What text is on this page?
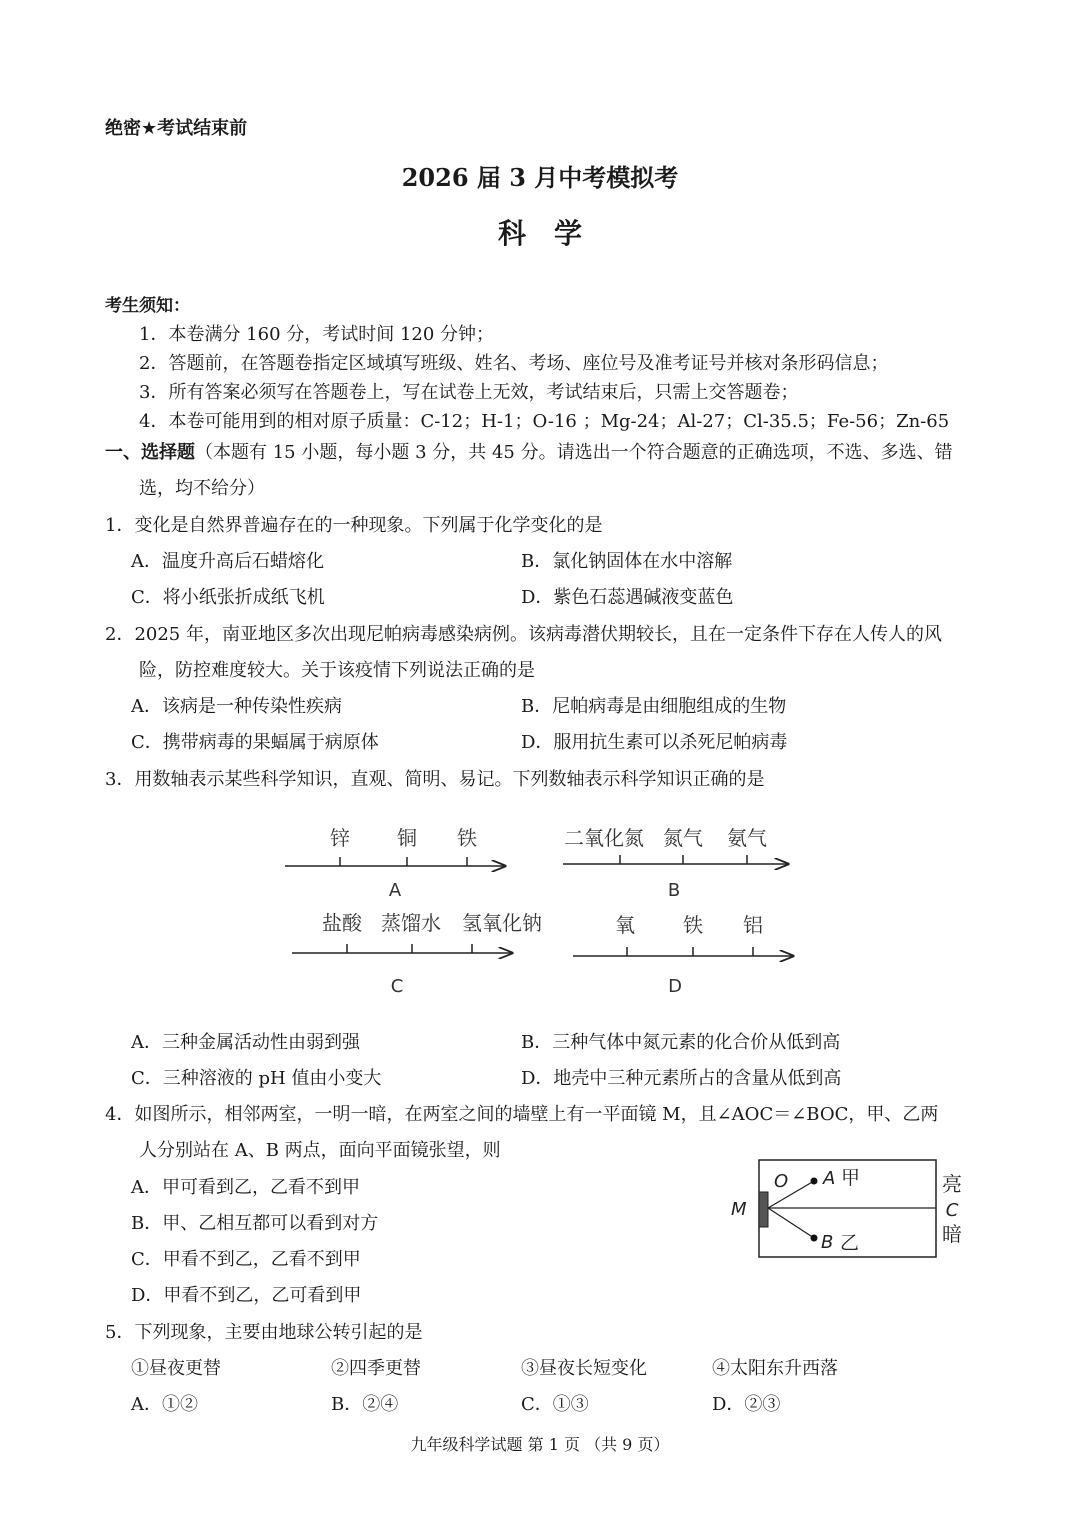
绝密★考试结束前
2026 届 3 月中考模拟考
科学
考生须知：
1．本卷满分 160 分，考试时间 120 分钟；
2．答题前，在答题卷指定区域填写班级、姓名、考场、座位号及准考证号并核对条形码信息；
3．所有答案必须写在答题卷上，写在试卷上无效，考试结束后，只需上交答题卷；
4．本卷可能用到的相对原子质量：C-12；H-1；O-16 ；Mg-24；Al-27；Cl-35.5；Fe-56；Zn-65
一、选择题（本题有 15 小题，每小题 3 分，共 45 分。请选出一个符合题意的正确选项，不选、多选、错
选，均不给分）
1．变化是自然界普遍存在的一种现象。下列属于化学变化的是
A．温度升高后石蜡熔化	B．氯化钠固体在水中溶解
C．将小纸张折成纸飞机	D．紫色石蕊遇碱液变蓝色
2．2025 年，南亚地区多次出现尼帕病毒感染病例。该病毒潜伏期较长，且在一定条件下存在人传人的风
险，防控难度较大。关于该疫情下列说法正确的是
A．该病是一种传染性疾病	B．尼帕病毒是由细胞组成的生物
C．携带病毒的果蝠属于病原体	D．服用抗生素可以杀死尼帕病毒
3．用数轴表示某些科学知识，直观、简明、易记。下列数轴表示科学知识正确的是
锌 铜 铁
A
二氧化氮 氮气 氨气
B
盐酸 蒸馏水 氢氧化钠
C
氧 铁 铝
D
O A 甲
M
B 乙
亮
C
暗
A．三种金属活动性由弱到强	B．三种气体中氮元素的化合价从低到高
C．三种溶液的 pH 值由小变大	D．地壳中三种元素所占的含量从低到高
4．如图所示，相邻两室，一明一暗，在两室之间的墙壁上有一平面镜 M，且∠AOC＝∠BOC，甲、乙两
人分别站在 A、B 两点，面向平面镜张望，则
A．甲可看到乙，乙看不到甲
B．甲、乙相互都可以看到对方
C．甲看不到乙，乙看不到甲
D．甲看不到乙，乙可看到甲
5．下列现象，主要由地球公转引起的是
①昼夜更替	②四季更替	③昼夜长短变化	④太阳东升西落
A．①②	B．②④	C．①③	D．②③
九年级科学试题 第 1 页 （共 9 页）
